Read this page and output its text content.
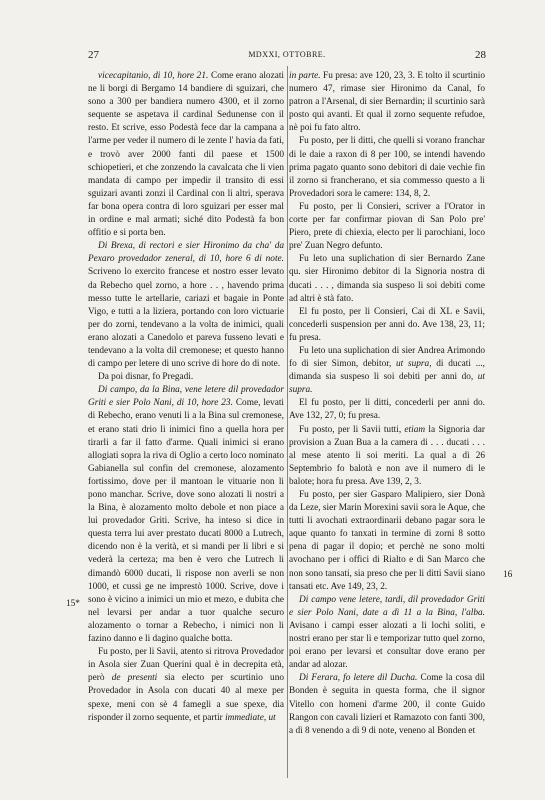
27	MDXXI, OTTOBRE.	28

vicecapitanio, di 10, hore 21. Come erano alozati ne li borgi di Bergamo 14 bandiere di sguizari, che sono a 300 per bandiera numero 4300, et il zorno sequente se aspetava il cardinal Sedunense con il resto. Et scrive, esso Podestà fece dar la campana a l'arme per veder il numero di le zente l' havia da fati, e trovò aver 2000 fanti dil paese et 1500 schiopetieri, et che zonzendo la cavalcata che li vien mandata di campo per impedir il transito di essi sguizari avanti zonzi il Cardinal con li altri, sperava far bona opera contra di loro sguizari per esser mal in ordine e mal armati; siché dito Podestà fa bon offitio e si porta ben.

Di Brexa, di rectori e sier Hironimo da cha' da Pexaro provedador zeneral, di 10, hore 6 di note. Scriveno lo exercito francese et nostro esser levato da Rebecho quel zorno, a hore . . , havendo prima messo tutte le artellarie, cariazi et bagaie in Ponte Vigo, e tutti a la liziera, portando con loro victuarie per do zorni, tendevano a la volta de inimici, quali erano alozati a Canedolo et pareva fusseno levati e tendevano a la volta dil cremonese; et questo hanno di campo per letere di uno scrive di hore do di note.

Da poi disnar, fo Pregadi.

Di campo, da la Bina, vene letere dil provedador Griti e sier Polo Nani, di 10, hore 23. Come, levati di Rebecho, erano venuti li a la Bina sul cremonese, et erano stati drio li inimici fino a quella hora per tirarli a far il fatto d'arme. Quali inimici si erano allogiati sopra la riva di Oglio a certo loco nominato Gabianella sul confin del cremonese, alozamento fortissimo, dove per il mantoan le vituarie non li pono manchar. Scrive, dove sono alozati li nostri a la Bina, è alozamento molto debole et non piace a lui provedador Griti. Scrive, ha inteso si dice in questa terra lui aver prestato ducati 8000 a Lutrech, dicendo non è la verità, et si mandi per li libri e si vederà la certeza; ma ben è vero che Lutrech li dimandò 6000 ducati, li rispose non averli se non 1000, et cussì ge ne imprestò 1000. Scrive, dove i sono è vicino a inimici un mio et mezo, e dubita che nel levarsi per andar a tuor qualche securo alozamento o tornar a Rebecho, i nimici non li fazino danno e li dagino qualche botta.

Fu posto, per li Savii, atento si ritrova Provedador in Asola sier Zuan Querini qual è in decrepita età, però de presenti sia electo per scurtinio uno Provedador in Asola con ducati 40 al mexe per spexe, meni con sè 4 famegli a sue spexe, dia risponder il zorno sequente, et partir immediate, ut

in parte. Fu presa: ave 120, 23, 3. E tolto il scurtinio numero 47, rimase sier Hironimo da Canal, fo patron a l'Arsenal, di sier Bernardin; il scurtinio sarà posto qui avanti. Et qual il zorno sequente refudoe, nè poi fu fato altro.

Fu posto, per li ditti, che quelli si vorano franchar di le daie a raxon di 8 per 100, se intendi havendo prima pagato quanto sono debitori di daie vechie fin il zorno si francherano, et sia commesso questo a li Provedadori sora le camere: 134, 8, 2.

Fu posto, per li Consieri, scriver a l'Orator in corte per far confirmar piovan di San Polo pre' Piero, prete di chiexia, electo per li parochiani, loco pre' Zuan Negro defunto.

Fu leto una suplichation di sier Bernardo Zane qu. sier Hironimo debitor di la Signoria nostra di ducati . . . , dimanda sia suspeso li soi debiti come ad altri è stà fato.

El fu posto, per li Consieri, Cai di XL e Savii, concederli suspension per anni do. Ave 138, 23, 11; fu presa.

Fu leto una suplichation di sier Andrea Arimondo fo di sier Simon, debitor, ut supra, di ducati ..., dimanda sia suspeso li soi debiti per anni do, ut supra.

El fu posto, per li ditti, concederli per anni do. Ave 132, 27, 0; fu presa.

Fu posto, per li Savii tutti, etiam la Signoria dar provision a Zuan Bua a la camera di . . . ducati . . . al mese atento li soi meriti. La qual a dì 26 Septembrio fo balotà e non ave il numero di le balote; hora fu presa. Ave 139, 2, 3.

Fu posto, per sier Gasparo Malipiero, sier Donà da Leze, sier Marin Morexini savii sora le Aque, che tutti li avochati extraordinarii debano pagar sora le aque quanto fo tanxati in termine di zorni 8 sotto pena di pagar il dopio; et perchè ne sono molti avochano per i offici di Rialto e di San Marco che non sono tansati, sia preso che per li ditti Savii siano tansati etc. Ave 149, 23, 2.

Di campo vene letere, tardi, dil provedador Griti e sier Polo Nani, date a dì 11 a la Bina, l'alba. Avisano i campi esser alozati a li lochi soliti, e nostri erano per star lì e temporizar tutto quel zorno, poi erano per levarsi et consultar dove erano per andar ad alozar.

Di Ferara, fo letere dil Ducha. Come la cosa dil Bonden è seguita in questa forma, che il signor Vitello con homeni d'arme 200, il conte Guido Rangon con cavali lizieri et Ramazoto con fanti 300, a dì 8 venendo a dì 9 di note, veneno al Bonden et

15*
16
